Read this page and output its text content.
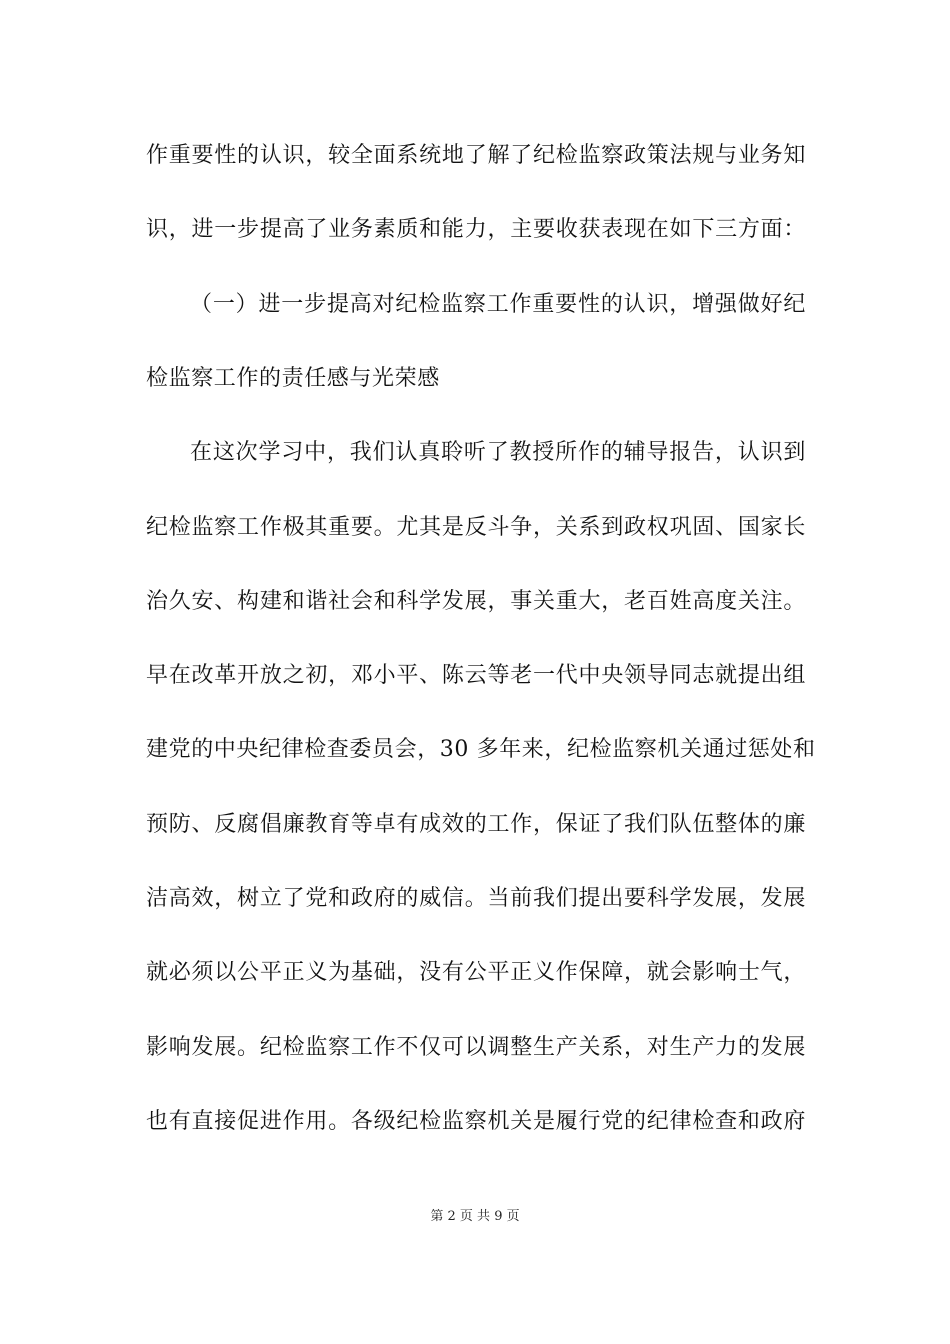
作重要性的认识，较全面系统地了解了纪检监察政策法规与业务知
识，进一步提高了业务素质和能力，主要收获表现在如下三方面：
（一）进一步提高对纪检监察工作重要性的认识，增强做好纪
检监察工作的责任感与光荣感
在这次学习中，我们认真聆听了教授所作的辅导报告，认识到
纪检监察工作极其重要。尤其是反斗争，关系到政权巩固、国家长
治久安、构建和谐社会和科学发展，事关重大，老百姓高度关注。
早在改革开放之初，邓小平、陈云等老一代中央领导同志就提出组
建党的中央纪律检查委员会，30 多年来，纪检监察机关通过惩处和
预防、反腐倡廉教育等卓有成效的工作，保证了我们队伍整体的廉
洁高效，树立了党和政府的威信。当前我们提出要科学发展，发展
就必须以公平正义为基础，没有公平正义作保障，就会影响士气，
影响发展。纪检监察工作不仅可以调整生产关系，对生产力的发展
也有直接促进作用。各级纪检监察机关是履行党的纪律检查和政府
第 2 页 共 9 页
